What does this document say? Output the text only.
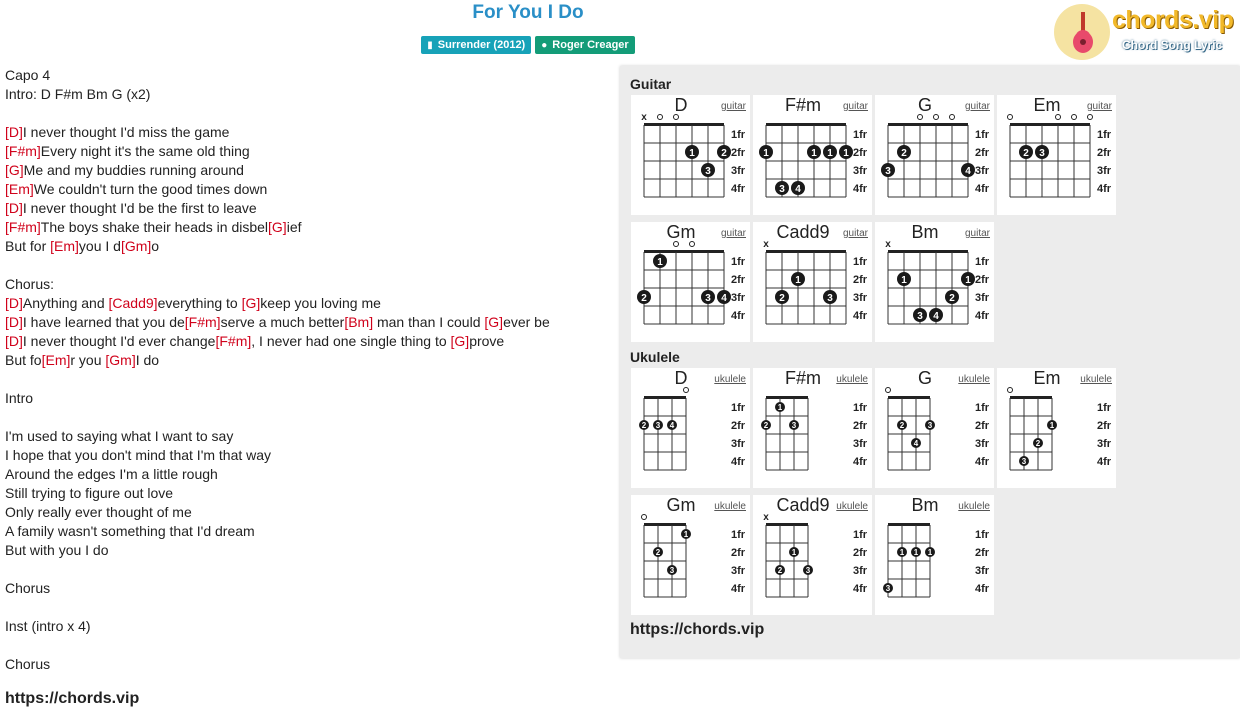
For You I Do
▮ Surrender (2012) ● Roger Creager
chords.vip
Chord Song Lyric
Capo 4
Intro: D F#m Bm G (x2)
[D]I never thought I'd miss the game
[F#m]Every night it's the same old thing
[G]Me and my buddies running around
[Em]We couldn't turn the good times down
[D]I never thought I'd be the first to leave
[F#m]The boys shake their heads in disbel[G]ief
But for [Em]you I d[Gm]o
Chorus:
[D]Anything and [Cadd9]everything to [G]keep you loving me
[D]I have learned that you de[F#m]serve a much better[Bm] man than I could [G]ever be
[D]I never thought I'd ever change[F#m], I never had one single thing to [G]prove
But fo[Em]r you [Gm]I do
Intro
I'm used to saying what I want to say
I hope that you don't mind that I'm that way
Around the edges I'm a little rough
Still trying to figure out love
Only really ever thought of me
A family wasn't something that I'd dream
But with you I do
Chorus
Inst (intro x 4)
Chorus
https://chords.vip
Guitar
Ukulele
https://chords.vip
D	guitar
x
1fr
2fr
3fr
4fr
1	2
3
F#m	guitar
1fr
2fr
3fr
4fr
1	1 1 1
3 4
G	guitar
1fr
2fr
3fr
4fr
2
3	4
Em	guitar
1fr
2fr
3fr
4fr
2 3
Gm	guitar
1fr
2fr
3fr
4fr
1
2	3 4
Cadd9	guitar
x
1fr
2fr
3fr
4fr
1
2	3
Bm	guitar
x
1fr
2fr
3fr
4fr
1	1
2
3 4
D	ukulele
1fr
2fr
3fr
4fr
2 3 4
F#m	ukulele
1fr
2fr
3fr
4fr
1
2	3
G	ukulele
1fr
2fr
3fr
4fr
2	3
4
Em	ukulele
1fr
2fr
3fr
4fr
1
2
3
Gm	ukulele
1fr
2fr
3fr
4fr
1
2
3
Cadd9 ukulele
x
1fr
2fr
3fr
4fr
1
2	3
Bm	ukulele
1fr
2fr
3fr
4fr
1 1 1
3
